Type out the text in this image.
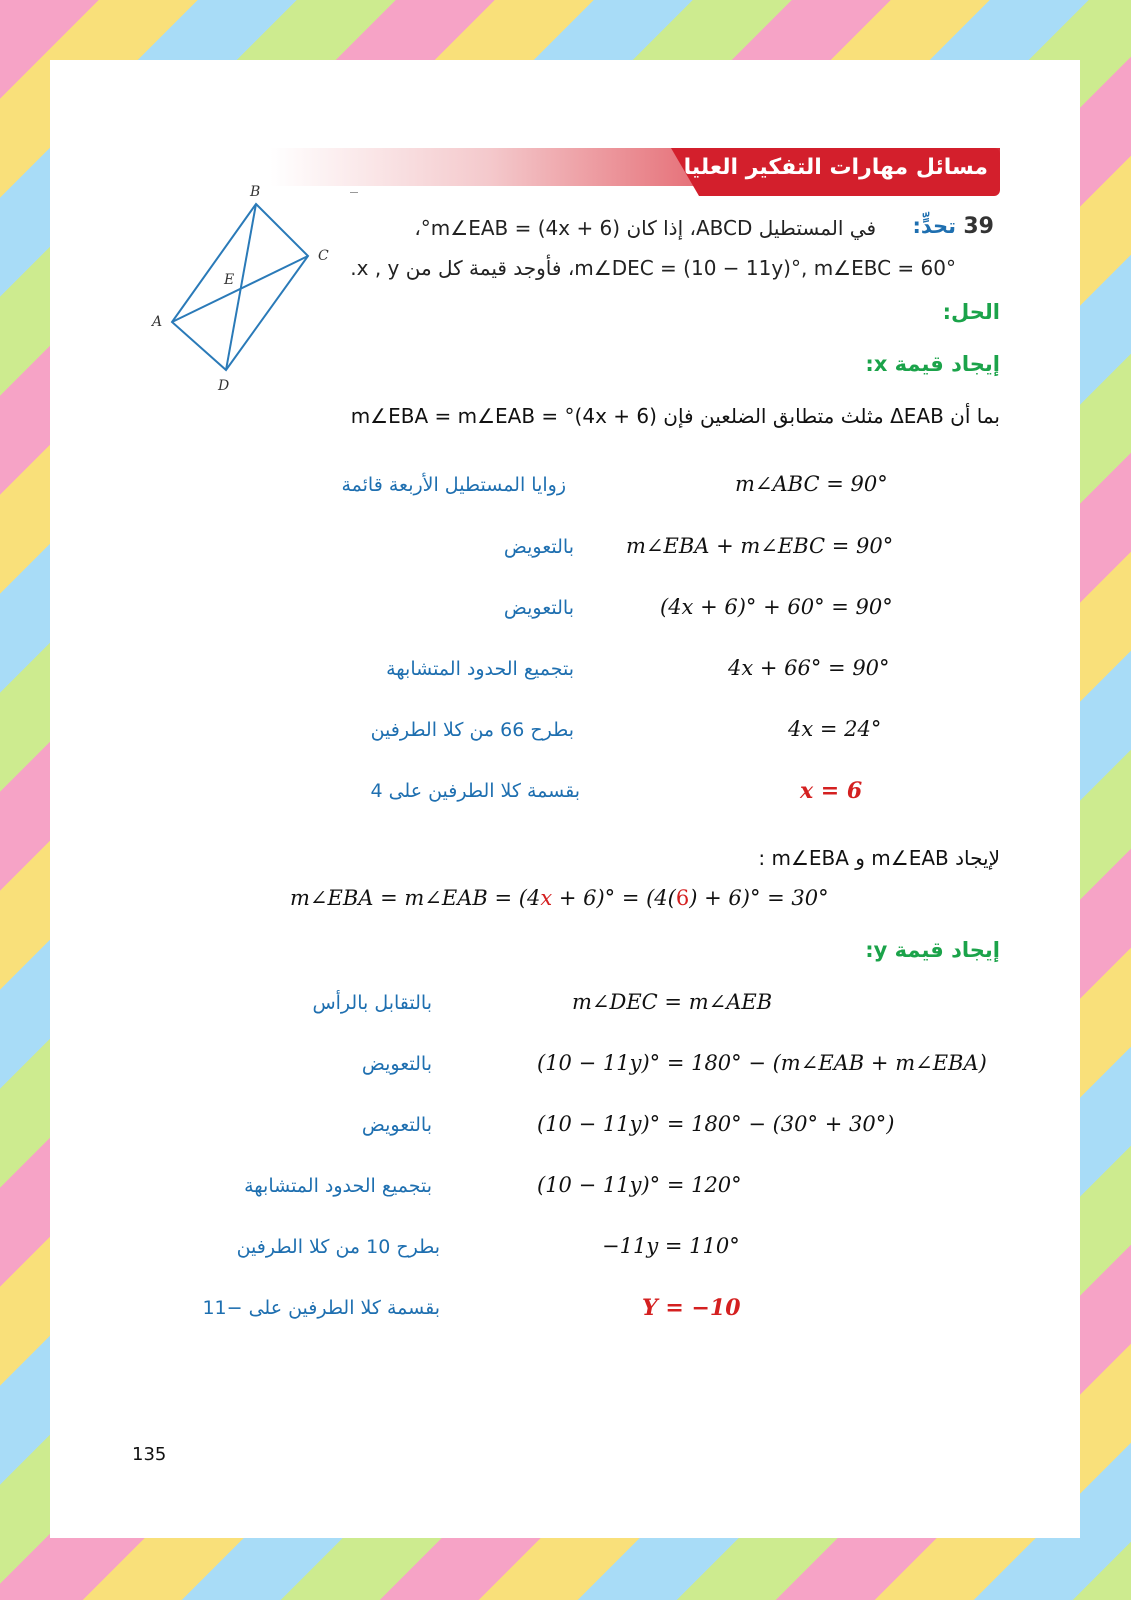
مسائل مهارات التفكير العليا
B
C
A
D
E
39
تحدٍّ:
في المستطيل ABCD، إذا كان m∠EAB = (4x + 6)°،
m∠DEC = (10 − 11y)°, m∠EBC = 60°، فأوجد قيمة كل من x , y.
الحل:
إيجاد قيمة x:
بما أن ΔEAB مثلث متطابق الضلعين فإن (4x + 6)° = m∠EBA = m∠EAB
m∠ABC = 90°
زوايا المستطيل الأربعة قائمة
m∠EBA + m∠EBC = 90°
بالتعويض
(4x + 6)° + 60° = 90°
بالتعويض
4x + 66° = 90°
بتجميع الحدود المتشابهة
4x = 24°
بطرح 66 من كلا الطرفين
x = 6
بقسمة كلا الطرفين على 4
لإيجاد m∠EAB و m∠EBA :
m∠EBA = m∠EAB = (4x + 6)° = (4(6) + 6)° = 30°
إيجاد قيمة y:
m∠DEC = m∠AEB
بالتقابل بالرأس
(10 − 11y)° = 180° − (m∠EAB + m∠EBA)
بالتعويض
(10 − 11y)° = 180° − (30° + 30°)
بالتعويض
(10 − 11y)° = 120°
بتجميع الحدود المتشابهة
−11y = 110°
بطرح 10 من كلا الطرفين
Y = −10
بقسمة كلا الطرفين على −11
135
